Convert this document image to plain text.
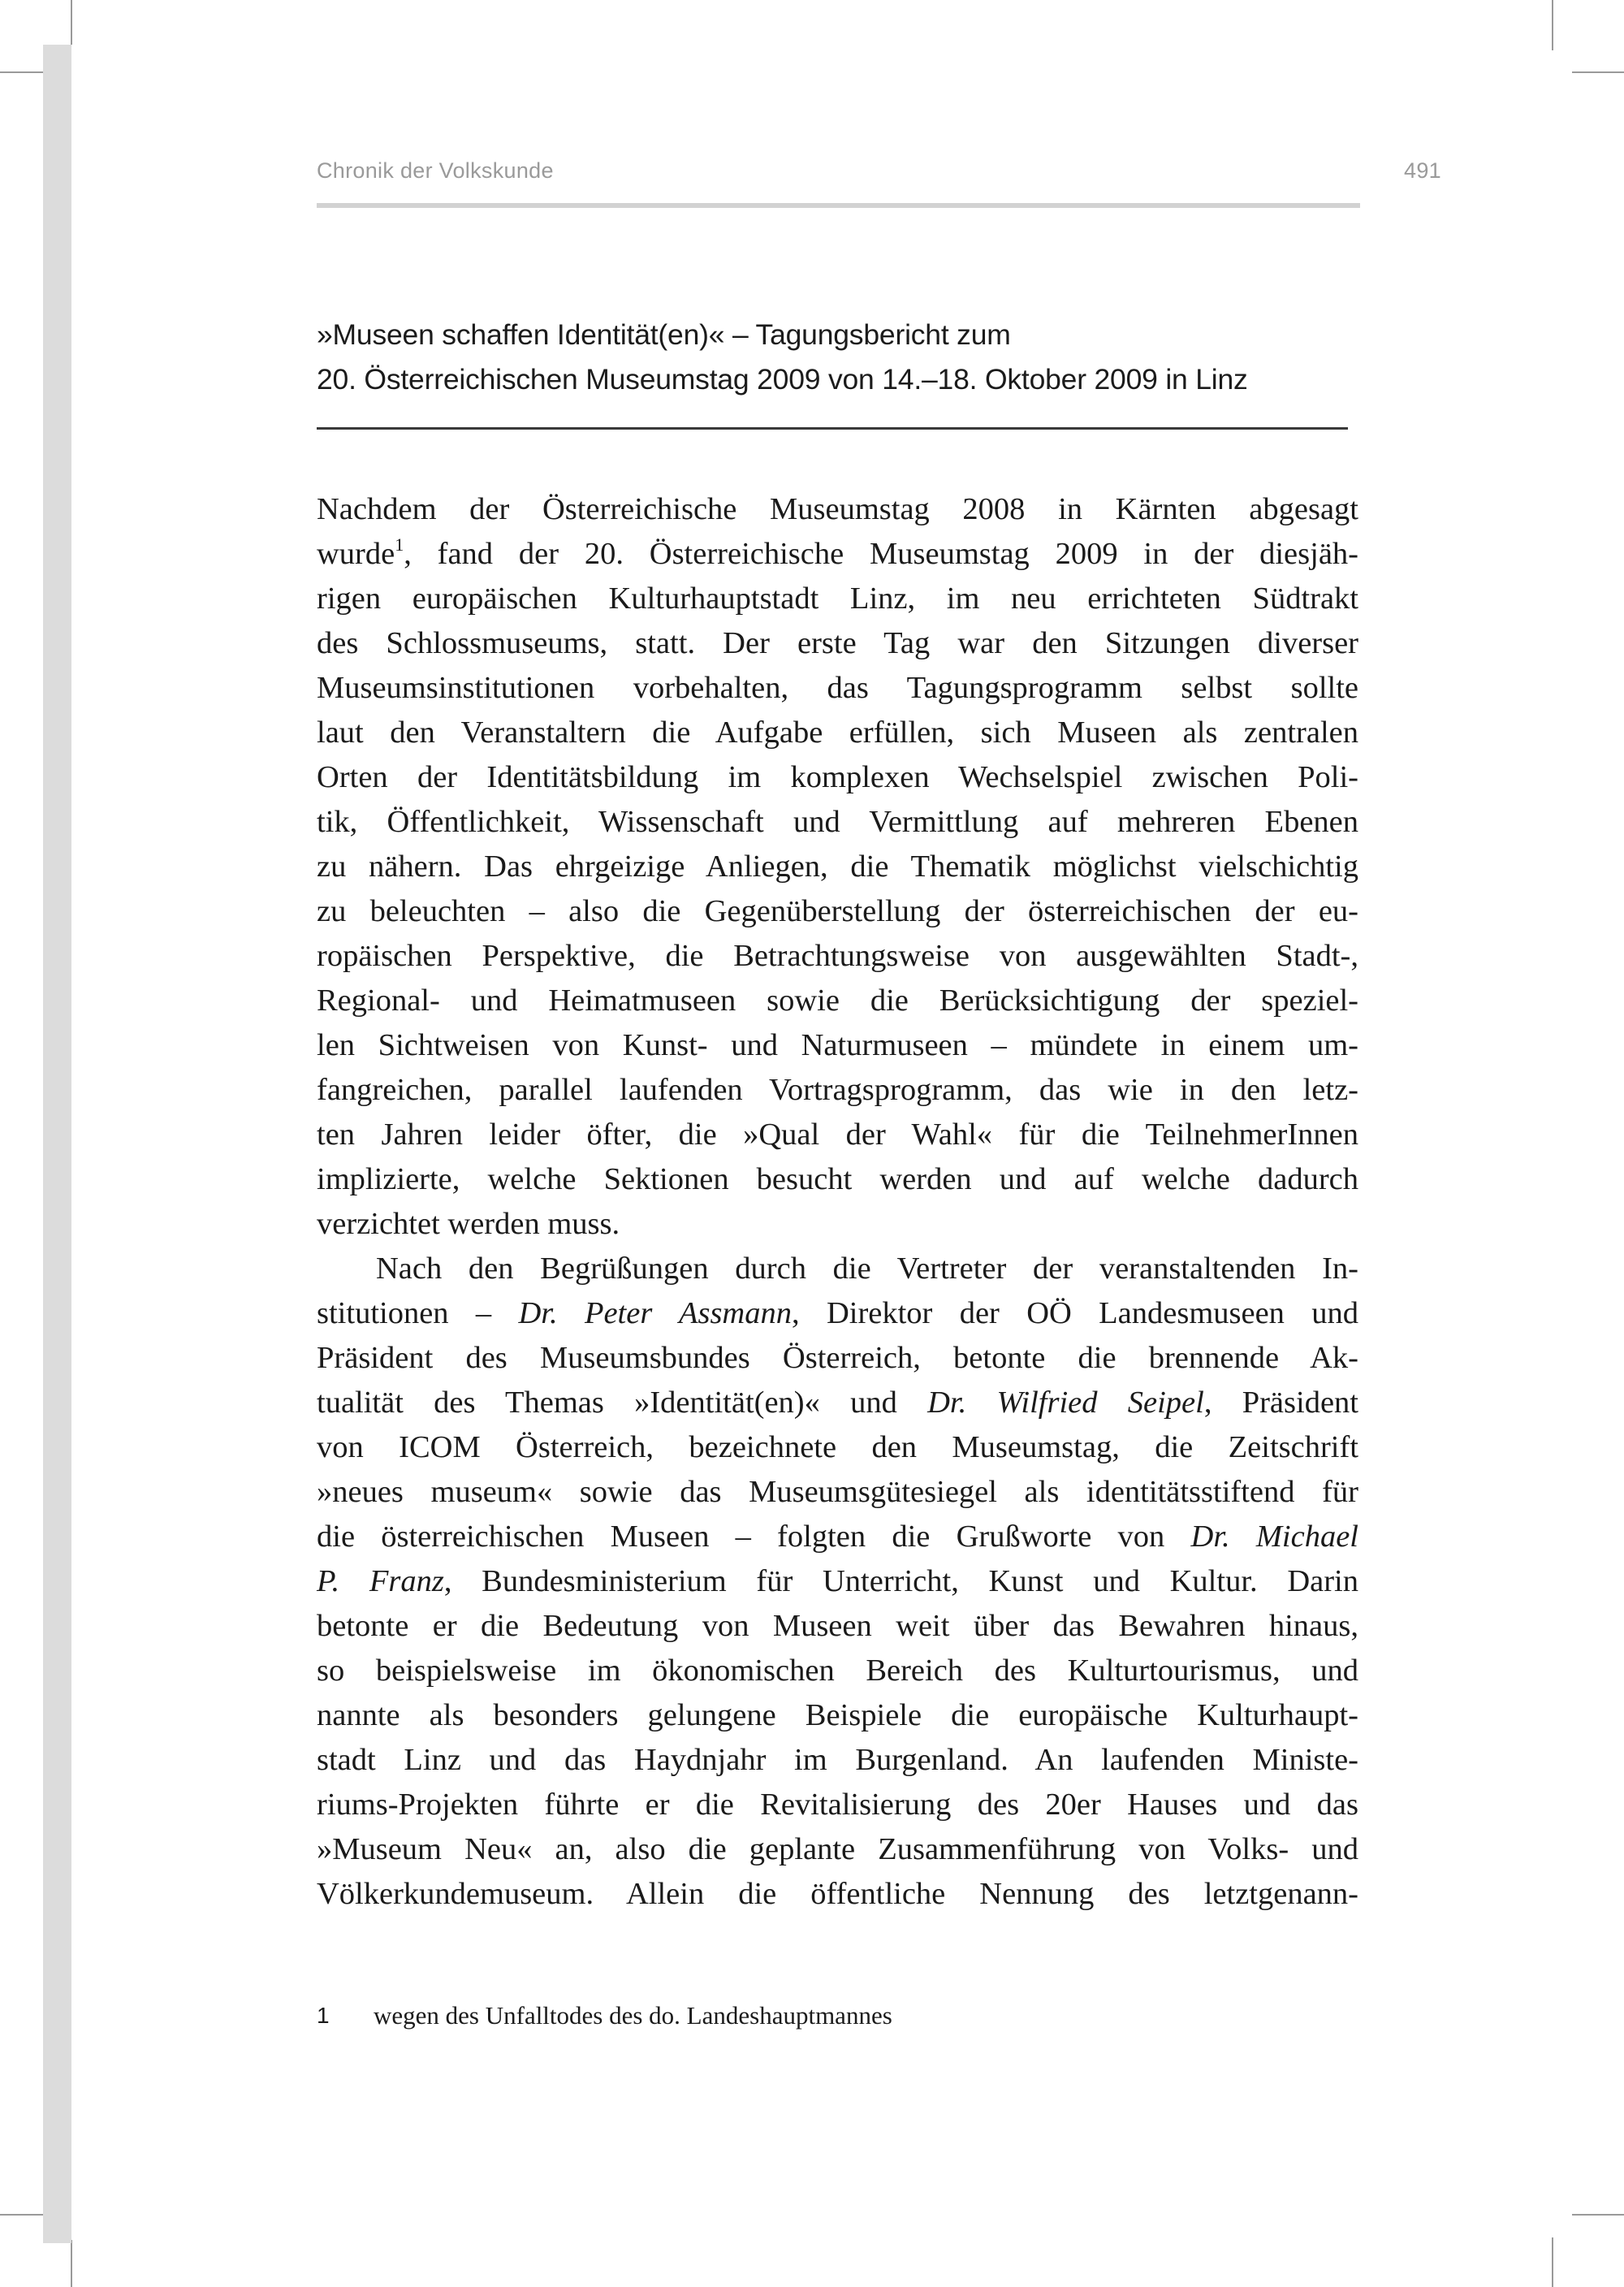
Chronik der Volkskunde	491
»Museen schaffen Identität(en)« – Tagungsbericht zum
20. Österreichischen Museumstag 2009 von 14.–18. Oktober 2009 in Linz
Nachdem der Österreichische Museumstag 2008 in Kärnten abgesagt
wurde$^1$, fand der 20. Österreichische Museumstag 2009 in der diesjäh-
rigen europäischen Kulturhauptstadt Linz, im neu errichteten Südtrakt
des Schlossmuseums, statt. Der erste Tag war den Sitzungen diverser
Museumsinstitutionen vorbehalten, das Tagungsprogramm selbst sollte
laut den Veranstaltern die Aufgabe erfüllen, sich Museen als zentralen
Orten der Identitätsbildung im komplexen Wechselspiel zwischen Poli-
tik, Öffentlichkeit, Wissenschaft und Vermittlung auf mehreren Ebenen
zu nähern. Das ehrgeizige Anliegen, die Thematik möglichst vielschichtig
zu beleuchten – also die Gegenüberstellung der österreichischen der eu-
ropäischen Perspektive, die Betrachtungsweise von ausgewählten Stadt-,
Regional- und Heimatmuseen sowie die Berücksichtigung der speziel-
len Sichtweisen von Kunst- und Naturmuseen – mündete in einem um-
fangreichen, parallel laufenden Vortragsprogramm, das wie in den letz-
ten Jahren leider öfter, die »Qual der Wahl« für die TeilnehmerInnen
implizierte, welche Sektionen besucht werden und auf welche dadurch
verzichtet werden muss.
Nach den Begrüßungen durch die Vertreter der veranstaltenden In-
stitutionen – Dr. Peter Assmann, Direktor der OÖ Landesmuseen und
Präsident des Museumsbundes Österreich, betonte die brennende Ak-
tualität des Themas »Identität(en)« und Dr. Wilfried Seipel, Präsident
von ICOM Österreich, bezeichnete den Museumstag, die Zeitschrift
»neues museum« sowie das Museumsgütesiegel als identitätsstiftend für
die österreichischen Museen – folgten die Grußworte von Dr. Michael
P. Franz, Bundesministerium für Unterricht, Kunst und Kultur. Darin
betonte er die Bedeutung von Museen weit über das Bewahren hinaus,
so beispielsweise im ökonomischen Bereich des Kulturtourismus, und
nannte als besonders gelungene Beispiele die europäische Kulturhaupt-
stadt Linz und das Haydnjahr im Burgenland. An laufenden Ministe-
riums-Projekten führte er die Revitalisierung des 20er Hauses und das
»Museum Neu« an, also die geplante Zusammenführung von Volks- und
Völkerkundemuseum. Allein die öffentliche Nennung des letztgenann-
1 wegen des Unfalltodes des do. Landeshauptmannes
